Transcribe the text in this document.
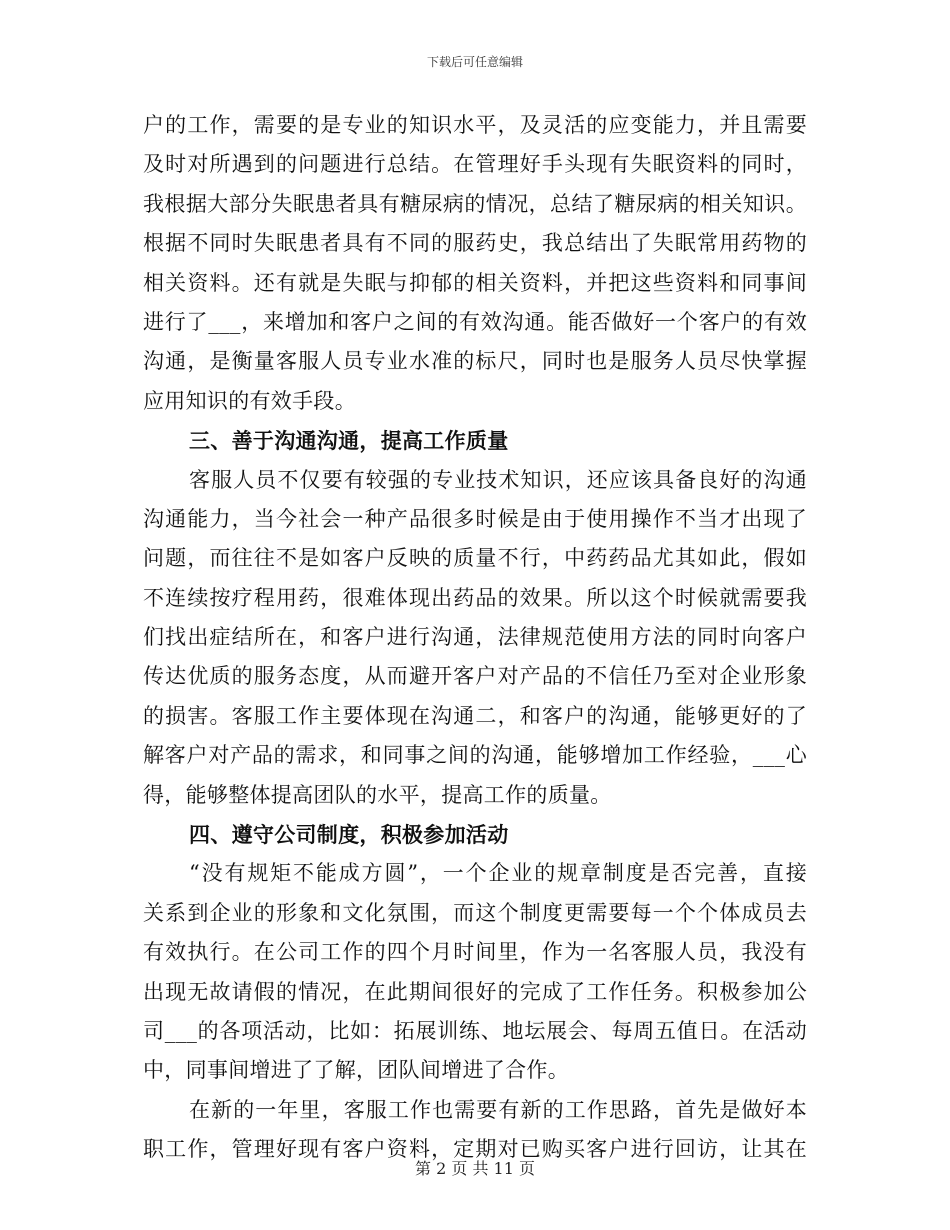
下载后可任意编辑
户的工作，需要的是专业的知识水平，及灵活的应变能力，并且需要
及时对所遇到的问题进行总结。在管理好手头现有失眠资料的同时，
我根据大部分失眠患者具有糖尿病的情况，总结了糖尿病的相关知识。
根据不同时失眠患者具有不同的服药史，我总结出了失眠常用药物的
相关资料。还有就是失眠与抑郁的相关资料，并把这些资料和同事间
进行了___，来增加和客户之间的有效沟通。能否做好一个客户的有效
沟通，是衡量客服人员专业水准的标尺，同时也是服务人员尽快掌握
应用知识的有效手段。
三、善于沟通沟通，提高工作质量
客服人员不仅要有较强的专业技术知识，还应该具备良好的沟通
沟通能力，当今社会一种产品很多时候是由于使用操作不当才出现了
问题，而往往不是如客户反映的质量不行，中药药品尤其如此，假如
不连续按疗程用药，很难体现出药品的效果。所以这个时候就需要我
们找出症结所在，和客户进行沟通，法律规范使用方法的同时向客户
传达优质的服务态度，从而避开客户对产品的不信任乃至对企业形象
的损害。客服工作主要体现在沟通二，和客户的沟通，能够更好的了
解客户对产品的需求，和同事之间的沟通，能够增加工作经验，___心
得，能够整体提高团队的水平，提高工作的质量。
四、遵守公司制度，积极参加活动
“没有规矩不能成方圆”，一个企业的规章制度是否完善，直接
关系到企业的形象和文化氛围，而这个制度更需要每一个个体成员去
有效执行。在公司工作的四个月时间里，作为一名客服人员，我没有
出现无故请假的情况，在此期间很好的完成了工作任务。积极参加公
司___的各项活动，比如：拓展训练、地坛展会、每周五值日。在活动
中，同事间增进了了解，团队间增进了合作。
在新的一年里，客服工作也需要有新的工作思路，首先是做好本
职工作，管理好现有客户资料，定期对已购买客户进行回访，让其在
第 2 页 共 11 页
